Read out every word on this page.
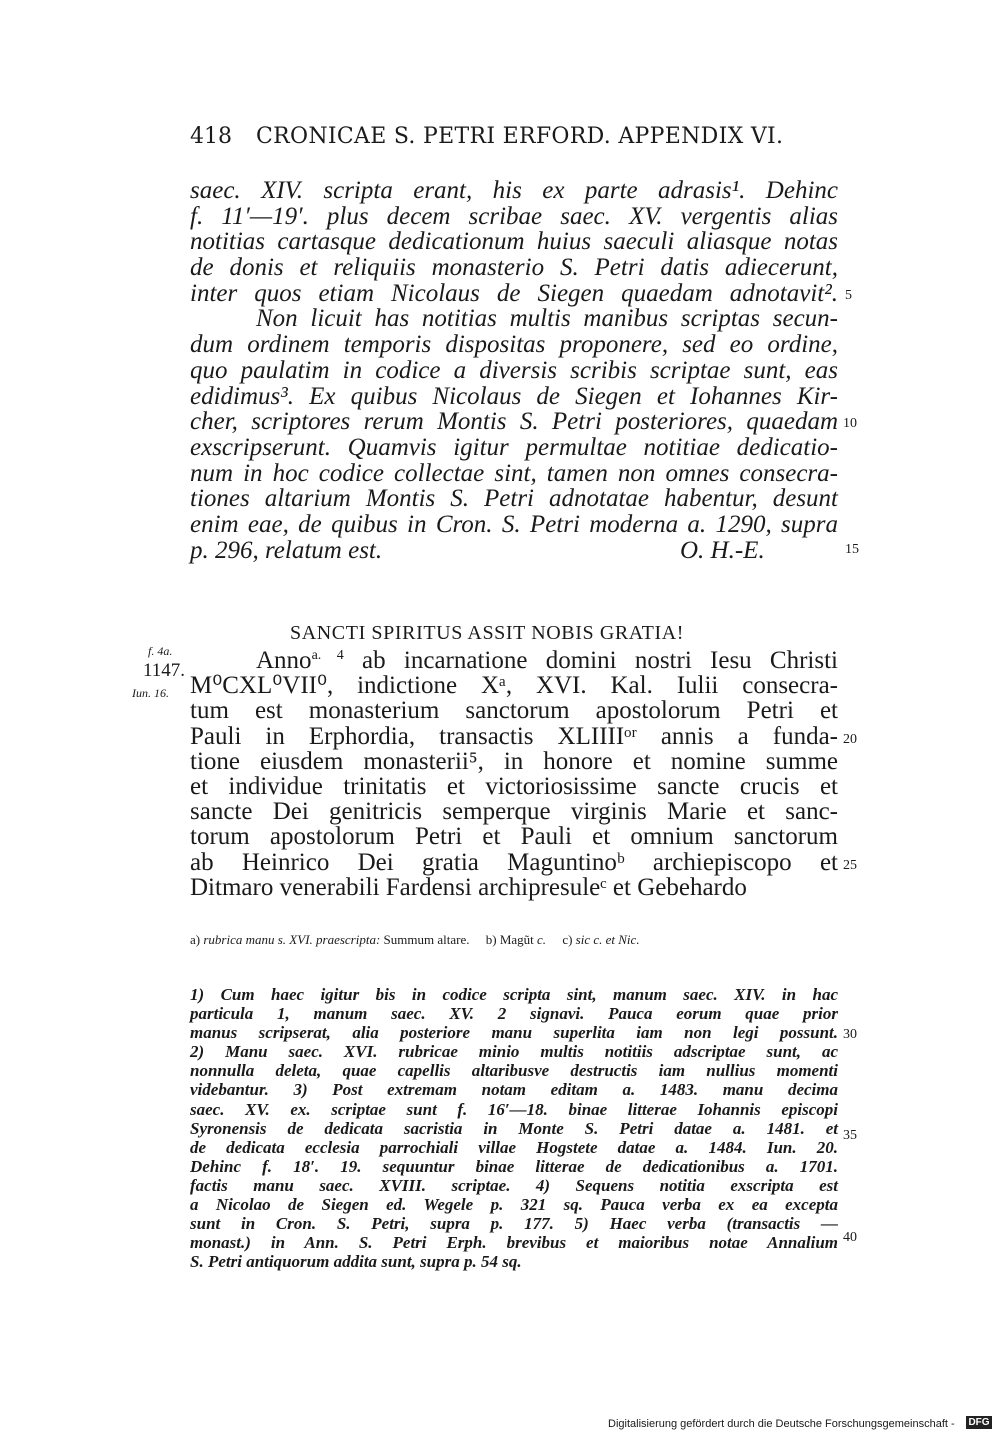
418 CRONICAE S. PETRI ERFORD. APPENDIX VI.
saec. XIV. scripta erant, his ex parte adrasis¹. Dehinc
f. 11′—19′. plus decem scribae saec. XV. vergentis alias
notitias cartasque dedicationum huius saeculi aliasque notas
de donis et reliquiis monasterio S. Petri datis adiecerunt,
inter quos etiam Nicolaus de Siegen quaedam adnotavit².
Non licuit has notitias multis manibus scriptas secun-
dum ordinem temporis dispositas proponere, sed eo ordine,
quo paulatim in codice a diversis scribis scriptae sunt, eas
edidimus³. Ex quibus Nicolaus de Siegen et Iohannes Kir-
cher, scriptores rerum Montis S. Petri posteriores, quaedam
exscripserunt. Quamvis igitur permultae notitiae dedicatio-
num in hoc codice collectae sint, tamen non omnes consecra-
tiones altarium Montis S. Petri adnotatae habentur, desunt
enim eae, de quibus in Cron. S. Petri moderna a. 1290, supra
p. 296, relatum est.	O. H.-E.
5
10
15
20
25
30
35
40
SANCTI SPIRITUS ASSIT NOBIS GRATIA!
f. 4a.
1147.
Iun. 16.
Anno$^{a. 4}$ ab incarnatione domini nostri Iesu Christi
M⁰CXL⁰VII⁰, indictione Xᵃ, XVI. Kal. Iulii consecra-
tum est monasterium sanctorum apostolorum Petri et
Pauli in Erphordia, transactis XLIIIIᵒʳ annis a funda-
tione eiusdem monasterii⁵, in honore et nomine summe
et individue trinitatis et victoriosissime sancte crucis et
sancte Dei genitricis semperque virginis Marie et sanc-
torum apostolorum Petri et Pauli et omnium sanctorum
ab Heinrico Dei gratia Maguntinoᵇ archiepiscopo et
Ditmaro venerabili Fardensi archipresuleᶜ et Gebehardo
a) rubrica manu s. XVI. praescripta: Summum altare. b) Magũt c. c) sic c. et Nic.
1) Cum haec igitur bis in codice scripta sint, manum saec. XIV. in hac
particula 1, manum saec. XV. 2 signavi. Pauca eorum quae prior
manus scripserat, alia posteriore manu superlita iam non legi possunt.
2) Manu saec. XVI. rubricae minio multis notitiis adscriptae sunt, ac
nonnulla deleta, quae capellis altaribusve destructis iam nullius momenti
videbantur. 3) Post extremam notam editam a. 1483. manu decima
saec. XV. ex. scriptae sunt f. 16′—18. binae litterae Iohannis episcopi
Syronensis de dedicata sacristia in Monte S. Petri datae a. 1481. et
de dedicata ecclesia parrochiali villae Hogstete datae a. 1484. Iun. 20.
Dehinc f. 18′. 19. sequuntur binae litterae de dedicationibus a. 1701.
factis manu saec. XVIII. scriptae. 4) Sequens notitia exscripta est
a Nicolao de Siegen ed. Wegele p. 321 sq. Pauca verba ex ea excepta
sunt in Cron. S. Petri, supra p. 177. 5) Haec verba (transactis —
monast.) in Ann. S. Petri Erph. brevibus et maioribus notae Annalium
S. Petri antiquorum addita sunt, supra p. 54 sq.
Digitalisierung gefördert durch die Deutsche Forschungsgemeinschaft - DFG
